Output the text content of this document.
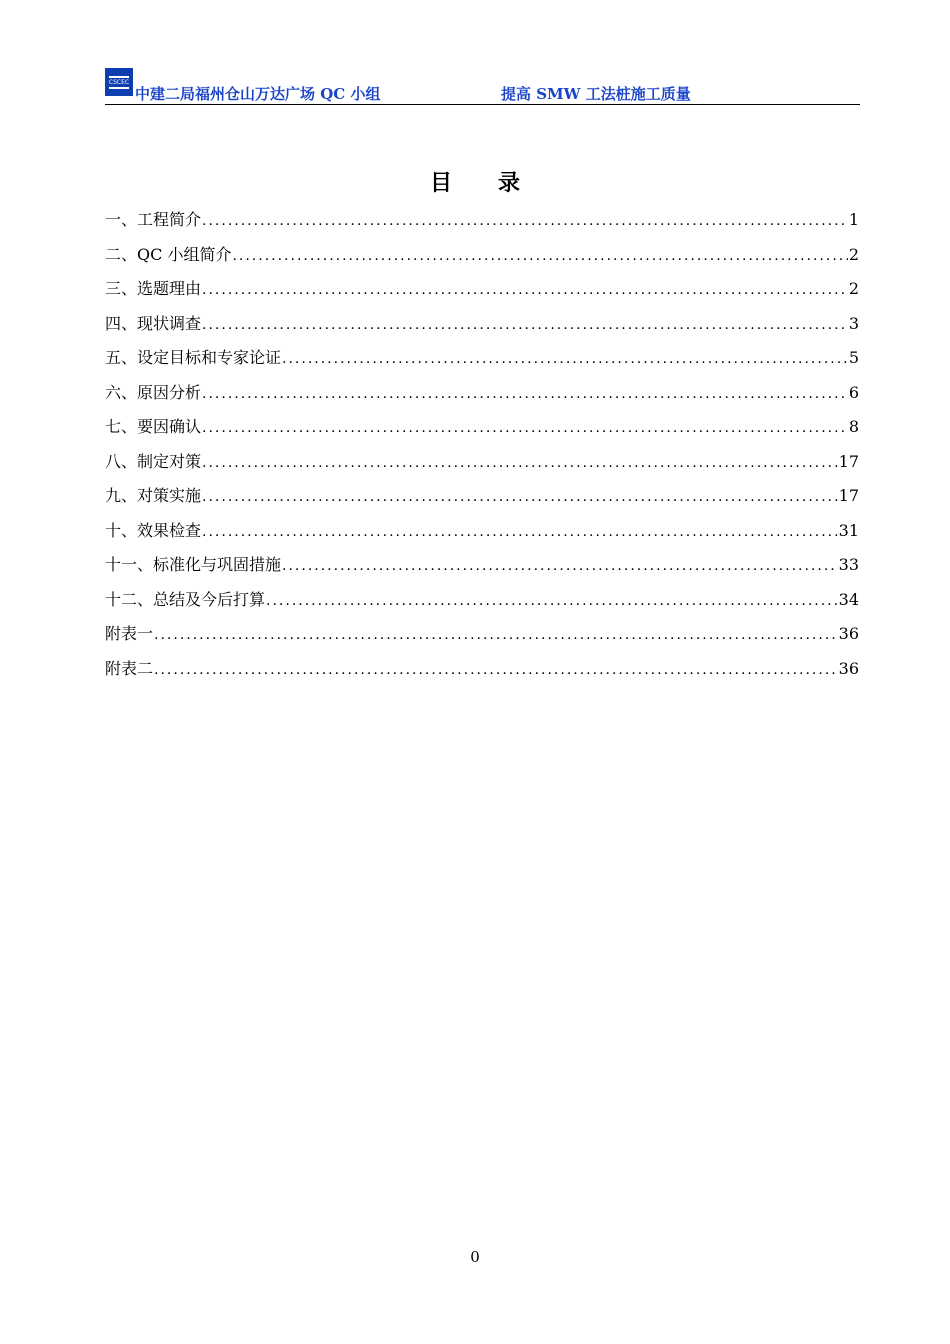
CSCEC
中建二局福州仓山万达广场 QC 小组	提高 SMW 工法桩施工质量
目 录
一、工程简介 .....	1
二、QC 小组简介 .....	2
三、选题理由 .....	2
四、现状调查 .....	3
五、设定目标和专家论证 .....	5
六、原因分析 .....	6
七、要因确认 .....	8
八、制定对策 .....	17
九、对策实施 .....	17
十、效果检查 .....	31
十一、标准化与巩固措施 .....	33
十二、总结及今后打算 .....	34
附表一 .....	36
附表二 .....	36
0
